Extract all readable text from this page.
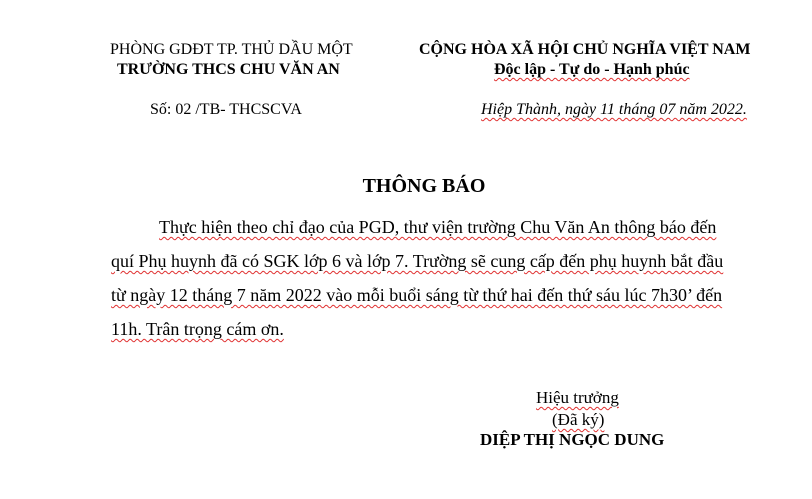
PHÒNG GDĐT TP. THỦ DẦU MỘT
TRƯỜNG THCS CHU VĂN AN
CỘNG HÒA XÃ HỘI CHỦ NGHĨA VIỆT NAM
Độc lập - Tự do - Hạnh phúc
Số: 02 /TB- THCSCVA	Hiệp Thành, ngày 11 tháng 07 năm 2022.
THÔNG BÁO
Thực hiện theo chỉ đạo của PGD, thư viện trường Chu Văn An thông báo đến
quí Phụ huynh đã có SGK lớp 6 và lớp 7. Trường sẽ cung cấp đến phụ huynh bắt đầu
từ ngày 12 tháng 7 năm 2022 vào mỗi buổi sáng từ thứ hai đến thứ sáu lúc 7h30’ đến
11h. Trân trọng cám ơn.
Hiệu trưởng
(Đã ký)
DIỆP THỊ NGỌC DUNG
